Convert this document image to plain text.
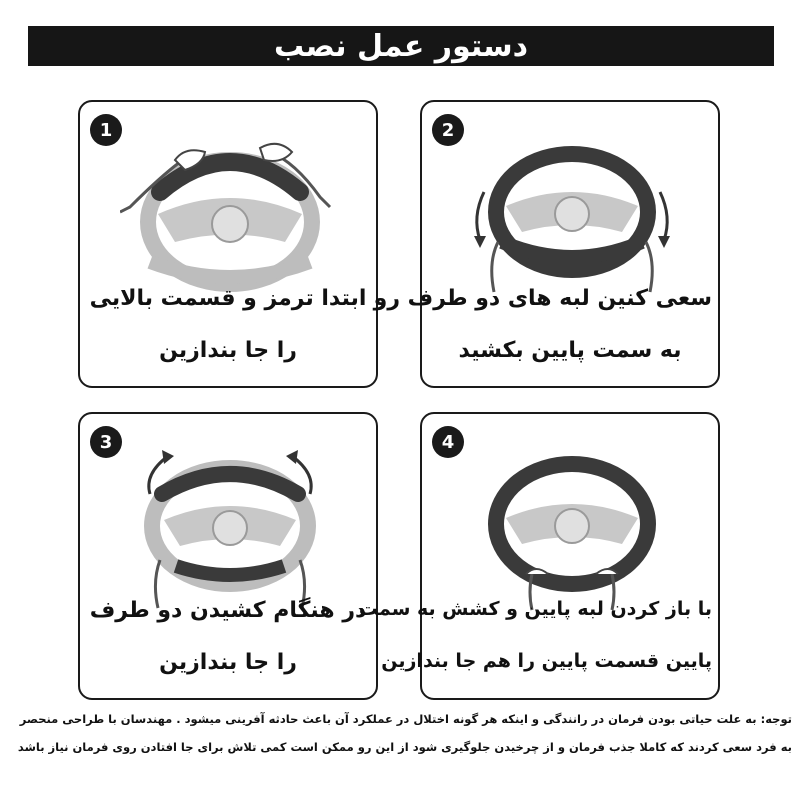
دستور عمل نصب
1
ابتدا ترمز و قسمت بالایی
را جا بندازین
2
سعی کنین لبه های دو طرف رو
به سمت پایین بکشید
3
در هنگام کشیدن دو طرف
را جا بندازین
4
با باز کردن لبه پایین و کشش به سمت
پایین قسمت پایین را هم جا بندازین
توجه: به علت حیاتی بودن فرمان در رانندگی و اینکه هر گونه اختلال در عملکرد آن باعث حادثه آفرینی میشود . مهندسان با طراحی منحصر
به فرد سعی کردند که کاملا جذب فرمان و از چرخیدن جلوگیری شود از این رو ممکن است کمی تلاش برای جا افتادن روی فرمان نیاز باشد
